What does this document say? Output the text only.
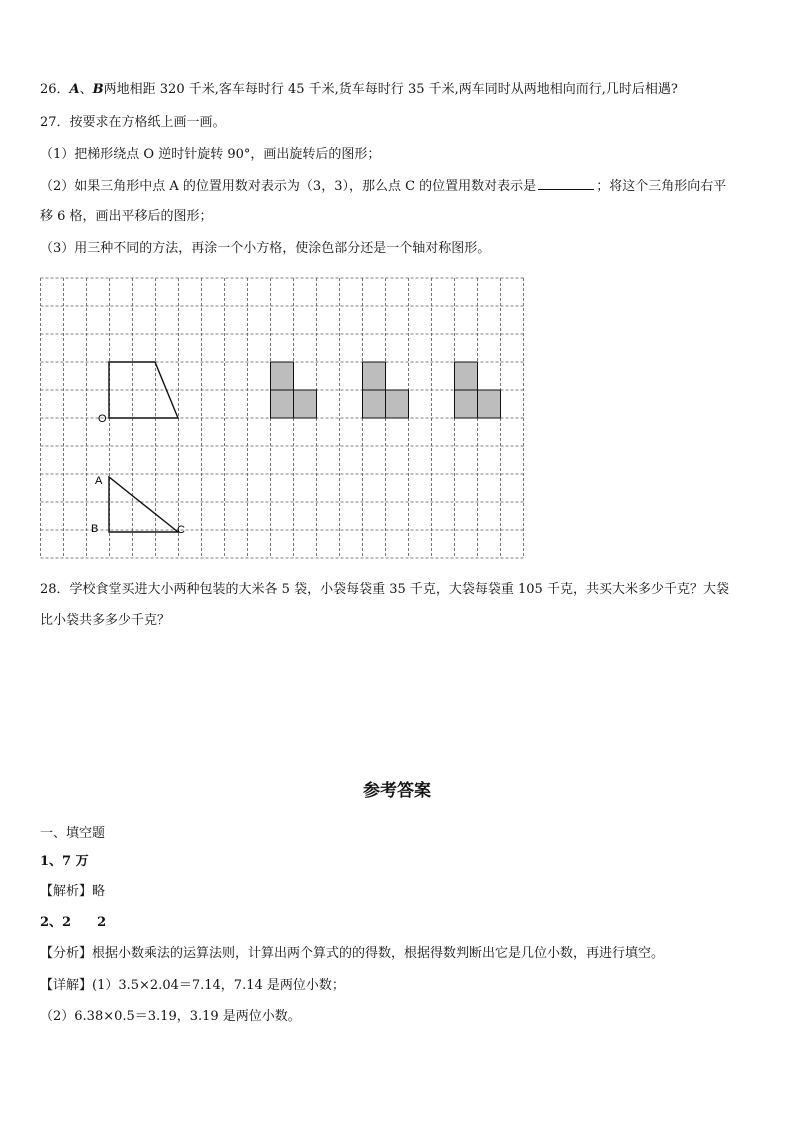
26．A、B两地相距 320 千米,客车每时行 45 千米,货车每时行 35 千米,两车同时从两地相向而行,几时后相遇?
27．按要求在方格纸上画一画。
（1）把梯形绕点 O 逆时针旋转 90°，画出旋转后的图形；
（2）如果三角形中点 A 的位置用数对表示为（3，3），那么点 C 的位置用数对表示是	；将这个三角形向右平
移 6 格，画出平移后的图形；
（3）用三种不同的方法，再涂一个小方格，使涂色部分还是一个轴对称图形。
O
A
B	C
28．学校食堂买进大小两种包装的大米各 5 袋，小袋每袋重 35 千克，大袋每袋重 105 千克，共买大米多少千克？大袋
比小袋共多多少千克？
参考答案
一、填空题
1、7 万
【解析】略
2、2　　2
【分析】根据小数乘法的运算法则，计算出两个算式的的得数，根据得数判断出它是几位小数，再进行填空。
【详解】(1）3.5×2.04＝7.14，7.14 是两位小数；
（2）6.38×0.5＝3.19，3.19 是两位小数。
